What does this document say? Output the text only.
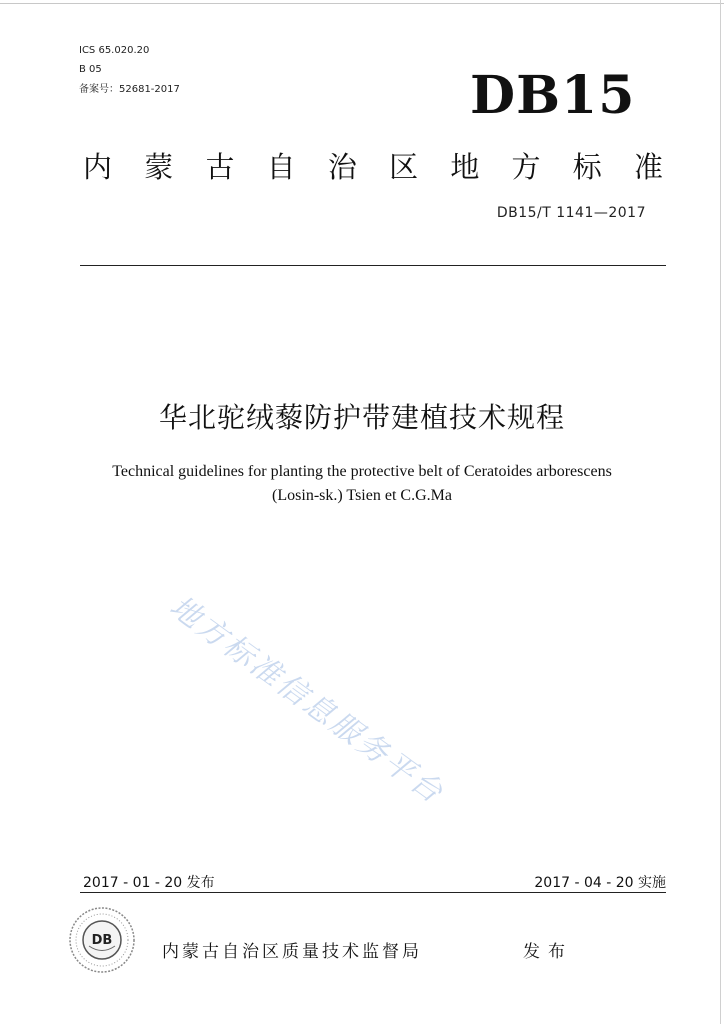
ICS 65.020.20
B 05
备案号：52681-2017	DB15
内 蒙 古 自 治 区 地 方 标 准
DB15/T 1141—2017
华北驼绒藜防护带建植技术规程
Technical guidelines for planting the protective belt of Ceratoides arborescens
(Losin-sk.) Tsien et C.G.Ma
地方标准信息服务平台
2017 - 01 - 20 发布	2017 - 04 - 20 实施
DB
内蒙古自治区质量技术监督局	发布
